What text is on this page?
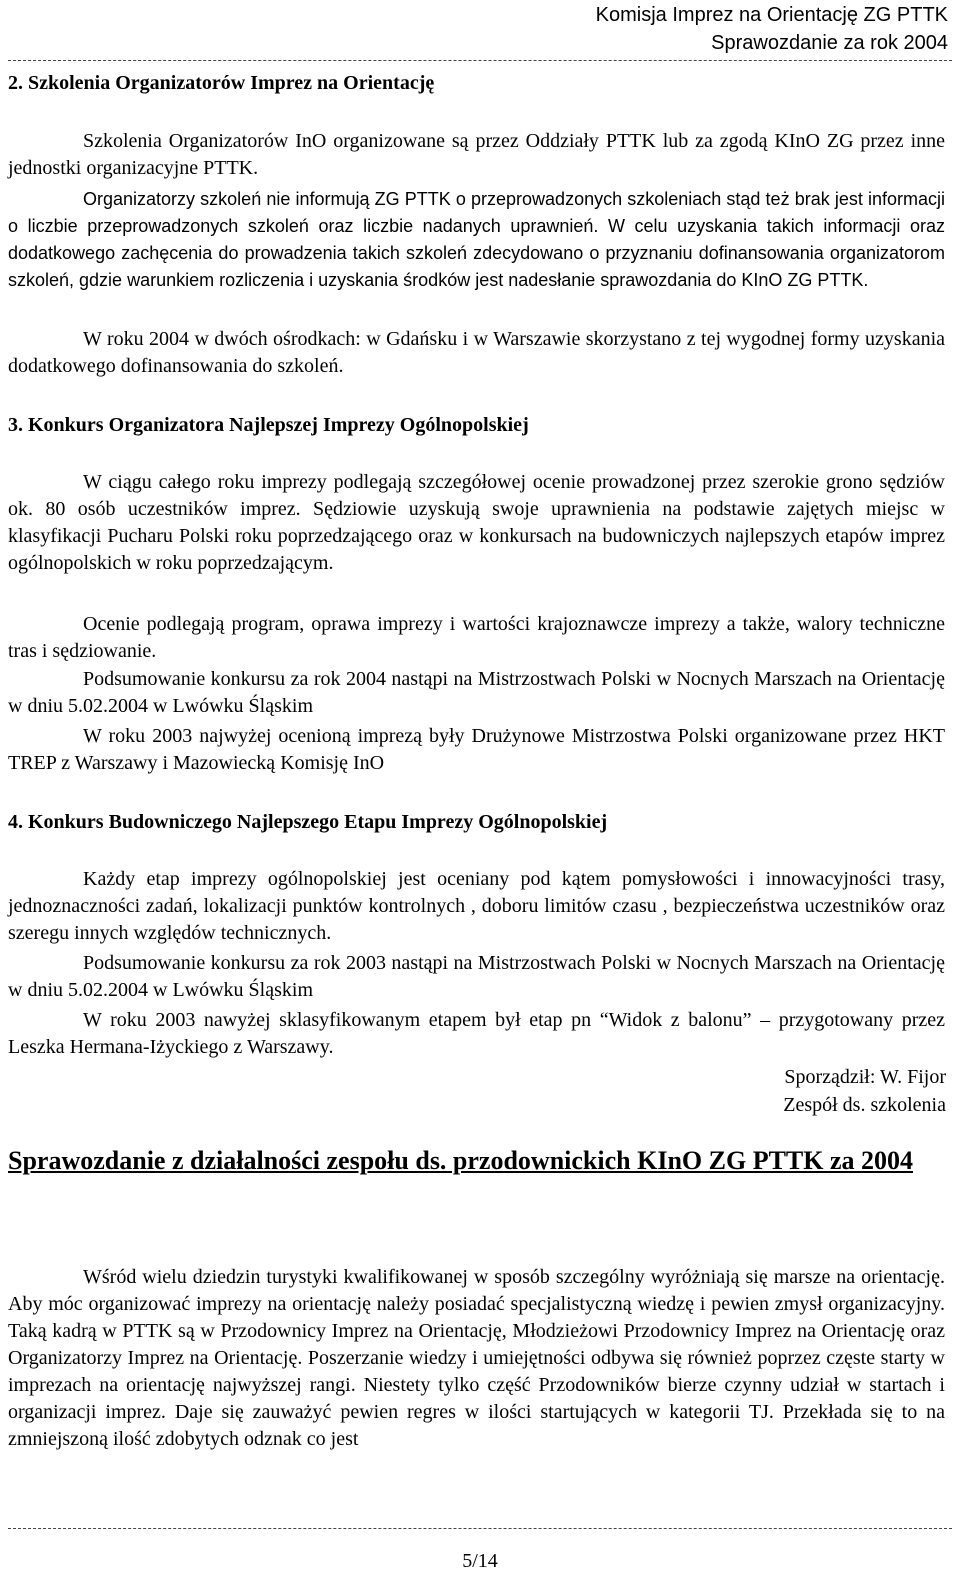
Komisja Imprez na Orientację ZG PTTK
Sprawozdanie za rok 2004
2. Szkolenia Organizatorów Imprez na Orientację
Szkolenia Organizatorów InO organizowane są przez Oddziały PTTK lub za zgodą KInO ZG przez inne jednostki organizacyjne PTTK.
Organizatorzy szkoleń nie informują ZG PTTK o przeprowadzonych szkoleniach stąd też brak jest informacji o liczbie przeprowadzonych szkoleń oraz liczbie nadanych uprawnień. W celu uzyskania takich informacji oraz dodatkowego zachęcenia do prowadzenia takich szkoleń zdecydowano o przyznaniu dofinansowania organizatorom szkoleń, gdzie warunkiem rozliczenia i uzyskania środków jest nadesłanie sprawozdania do KInO ZG PTTK.
W roku 2004 w dwóch ośrodkach: w Gdańsku i w Warszawie skorzystano z tej wygodnej formy uzyskania dodatkowego dofinansowania do szkoleń.
3. Konkurs Organizatora Najlepszej Imprezy Ogólnopolskiej
W ciągu całego roku imprezy podlegają szczegółowej ocenie prowadzonej przez szerokie grono sędziów ok. 80 osób uczestników imprez. Sędziowie uzyskują swoje uprawnienia na podstawie zajętych miejsc w klasyfikacji Pucharu Polski roku poprzedzającego oraz w konkursach na budowniczych najlepszych etapów imprez ogólnopolskich w roku poprzedzającym.
Ocenie podlegają program, oprawa imprezy i wartości krajoznawcze imprezy a także, walory techniczne tras i sędziowanie.
Podsumowanie konkursu za rok 2004 nastąpi na Mistrzostwach Polski w Nocnych Marszach na Orientację w dniu 5.02.2004 w Lwówku Śląskim
W roku 2003 najwyżej ocenioną imprezą były Drużynowe Mistrzostwa Polski organizowane przez HKT TREP z Warszawy i Mazowiecką Komisję InO
4. Konkurs Budowniczego Najlepszego Etapu Imprezy Ogólnopolskiej
Każdy etap imprezy ogólnopolskiej jest oceniany pod kątem pomysłowości i innowacyjności trasy, jednoznaczności zadań, lokalizacji punktów kontrolnych , doboru limitów czasu , bezpieczeństwa uczestników oraz szeregu innych względów technicznych.
Podsumowanie konkursu za rok 2003 nastąpi na Mistrzostwach Polski w Nocnych Marszach na Orientację w dniu 5.02.2004 w Lwówku Śląskim
W roku 2003 nawyżej sklasyfikowanym etapem był etap pn “Widok z balonu” – przygotowany przez Leszka Hermana-Iżyckiego z Warszawy.
Sporządził: W. Fijor
Zespół ds. szkolenia
Sprawozdanie z działalności zespołu ds. przodownickich KInO ZG PTTK za 2004
Wśród wielu dziedzin turystyki kwalifikowanej w sposób szczególny wyróżniają się marsze na orientację. Aby móc organizować imprezy na orientację należy posiadać specjalistyczną wiedzę i pewien zmysł organizacyjny. Taką kadrą w PTTK są w Przodownicy Imprez na Orientację, Młodzieżowi Przodownicy Imprez na Orientację oraz Organizatorzy Imprez na Orientację. Poszerzanie wiedzy i umiejętności odbywa się również poprzez częste starty w imprezach na orientację najwyższej rangi. Niestety tylko część Przodowników bierze czynny udział w startach i organizacji imprez. Daje się zauważyć pewien regres w ilości startujących w kategorii TJ. Przekłada się to na zmniejszoną ilość zdobytych odznak co jest
5/14
